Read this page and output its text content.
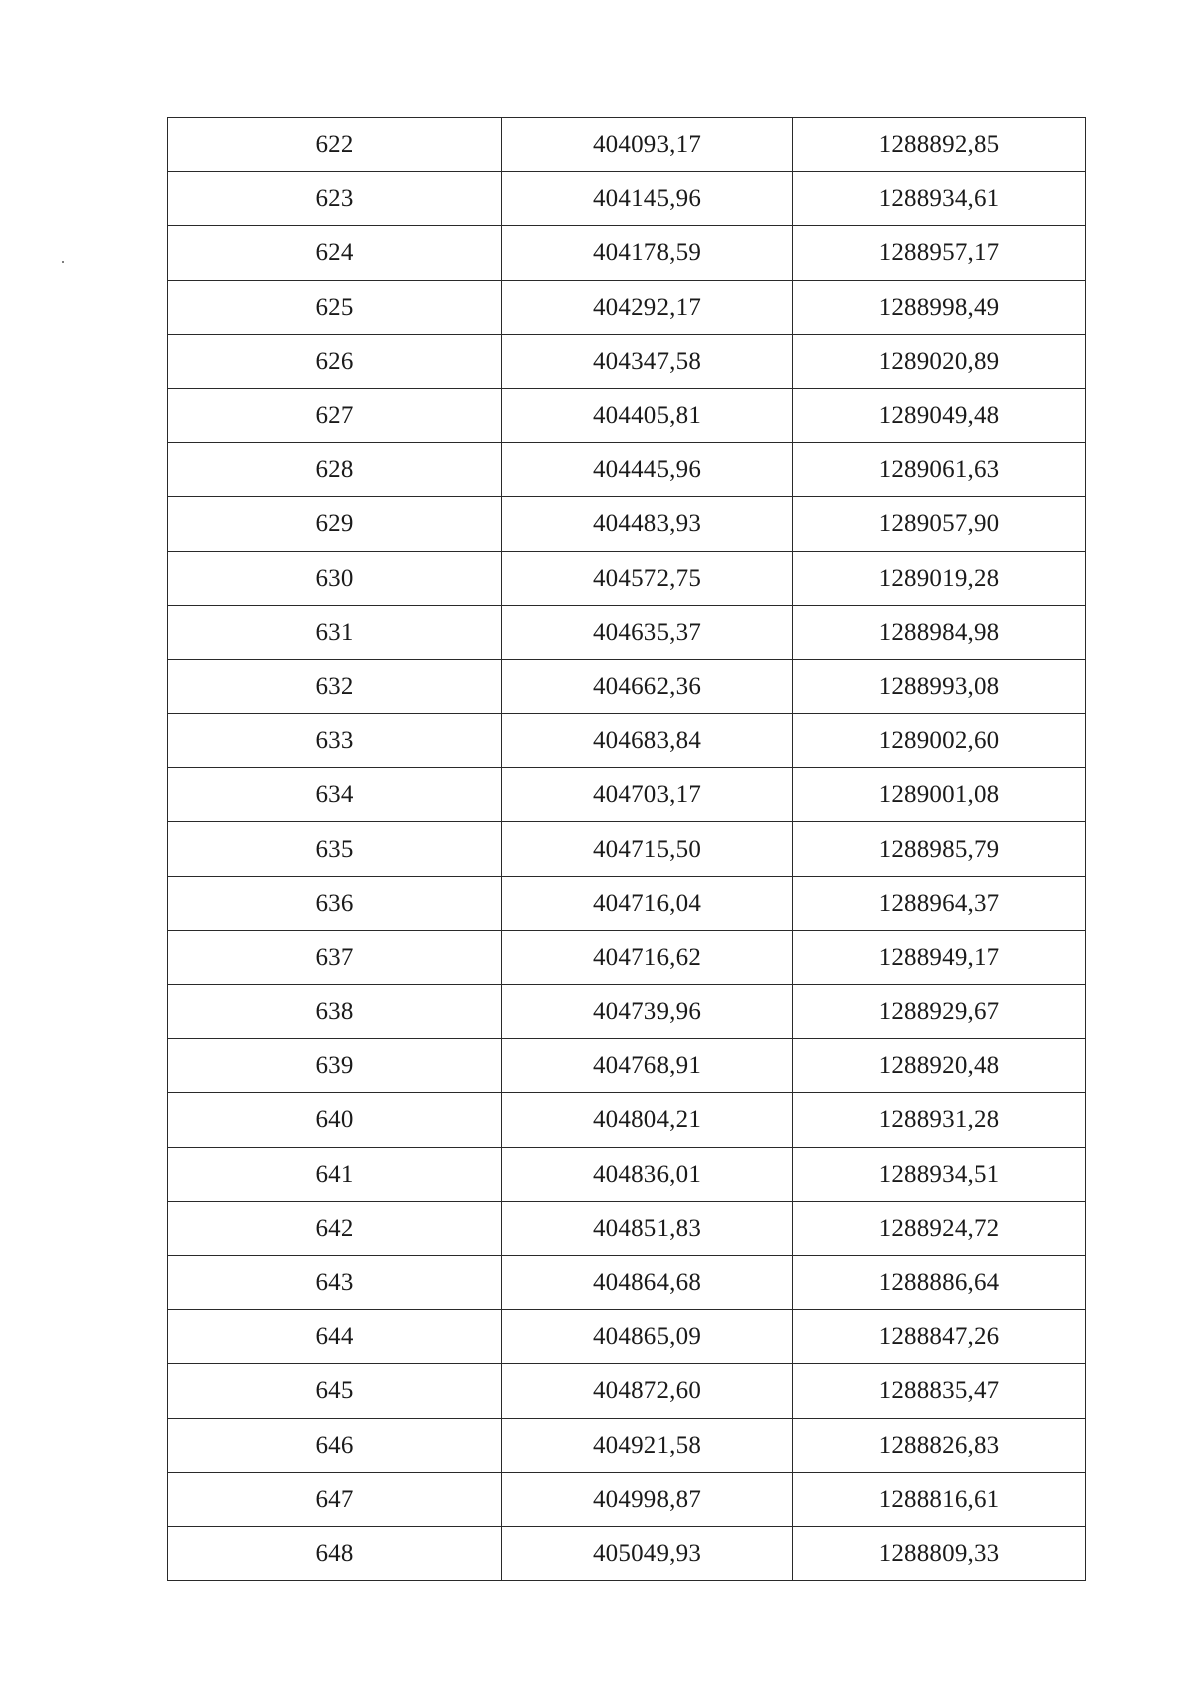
622	404093,17	1288892,85
623	404145,96	1288934,61
624	404178,59	1288957,17
625	404292,17	1288998,49
626	404347,58	1289020,89
627	404405,81	1289049,48
628	404445,96	1289061,63
629	404483,93	1289057,90
630	404572,75	1289019,28
631	404635,37	1288984,98
632	404662,36	1288993,08
633	404683,84	1289002,60
634	404703,17	1289001,08
635	404715,50	1288985,79
636	404716,04	1288964,37
637	404716,62	1288949,17
638	404739,96	1288929,67
639	404768,91	1288920,48
640	404804,21	1288931,28
641	404836,01	1288934,51
642	404851,83	1288924,72
643	404864,68	1288886,64
644	404865,09	1288847,26
645	404872,60	1288835,47
646	404921,58	1288826,83
647	404998,87	1288816,61
648	405049,93	1288809,33
